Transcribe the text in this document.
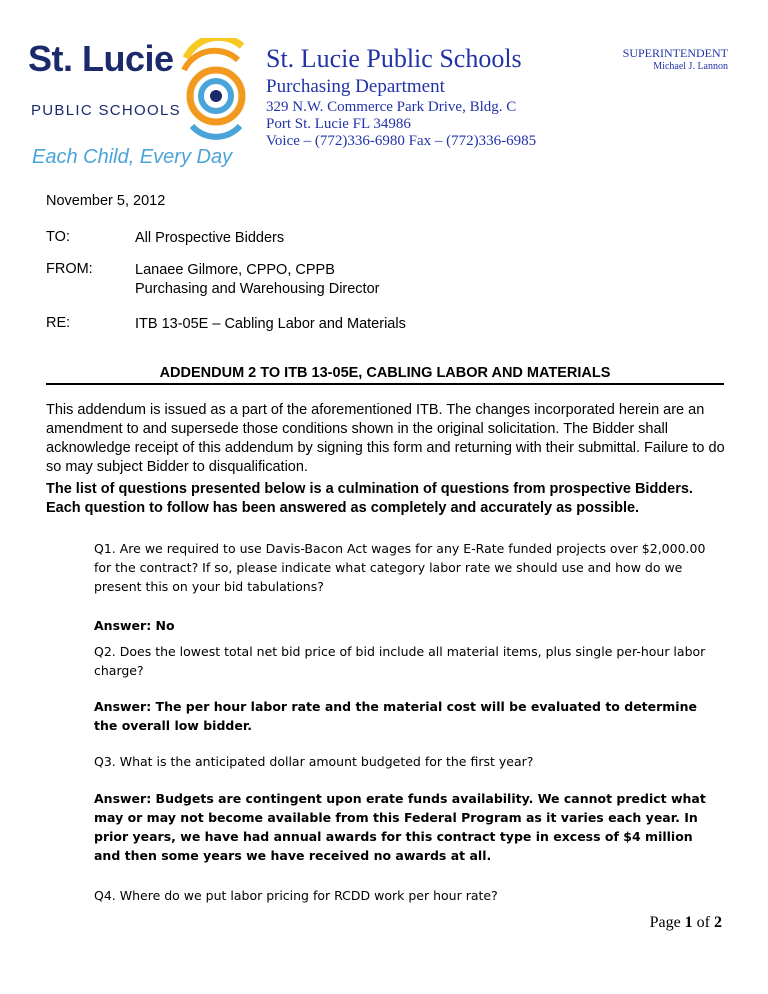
St. Lucie
PUBLIC SCHOOLS
Each Child, Every Day
St. Lucie Public Schools
Purchasing Department
329 N.W. Commerce Park Drive, Bldg. C
Port St. Lucie FL 34986
Voice – (772)336-6980 Fax – (772)336-6985
SUPERINTENDENT
Michael J. Lannon
November 5, 2012
TO:	All Prospective Bidders
FROM:	Lanaee Gilmore, CPPO, CPPB
Purchasing and Warehousing Director
RE:	ITB 13-05E – Cabling Labor and Materials
ADDENDUM 2 TO ITB 13-05E, CABLING LABOR AND MATERIALS
This addendum is issued as a part of the aforementioned ITB. The changes incorporated herein are an amendment to and supersede those conditions shown in the original solicitation. The Bidder shall acknowledge receipt of this addendum by signing this form and returning with their submittal. Failure to do so may subject Bidder to disqualification.
The list of questions presented below is a culmination of questions from prospective Bidders. Each question to follow has been answered as completely and accurately as possible.
Q1. Are we required to use Davis-Bacon Act wages for any E-Rate funded projects over $2,000.00 for the contract? If so, please indicate what category labor rate we should use and how do we present this on your bid tabulations?
Answer: No
Q2. Does the lowest total net bid price of bid include all material items, plus single per-hour labor charge?
Answer: The per hour labor rate and the material cost will be evaluated to determine the overall low bidder.
Q3. What is the anticipated dollar amount budgeted for the first year?
Answer: Budgets are contingent upon erate funds availability. We cannot predict what may or may not become available from this Federal Program as it varies each year. In prior years, we have had annual awards for this contract type in excess of $4 million and then some years we have received no awards at all.
Q4. Where do we put labor pricing for RCDD work per hour rate?
Page 1 of 2
